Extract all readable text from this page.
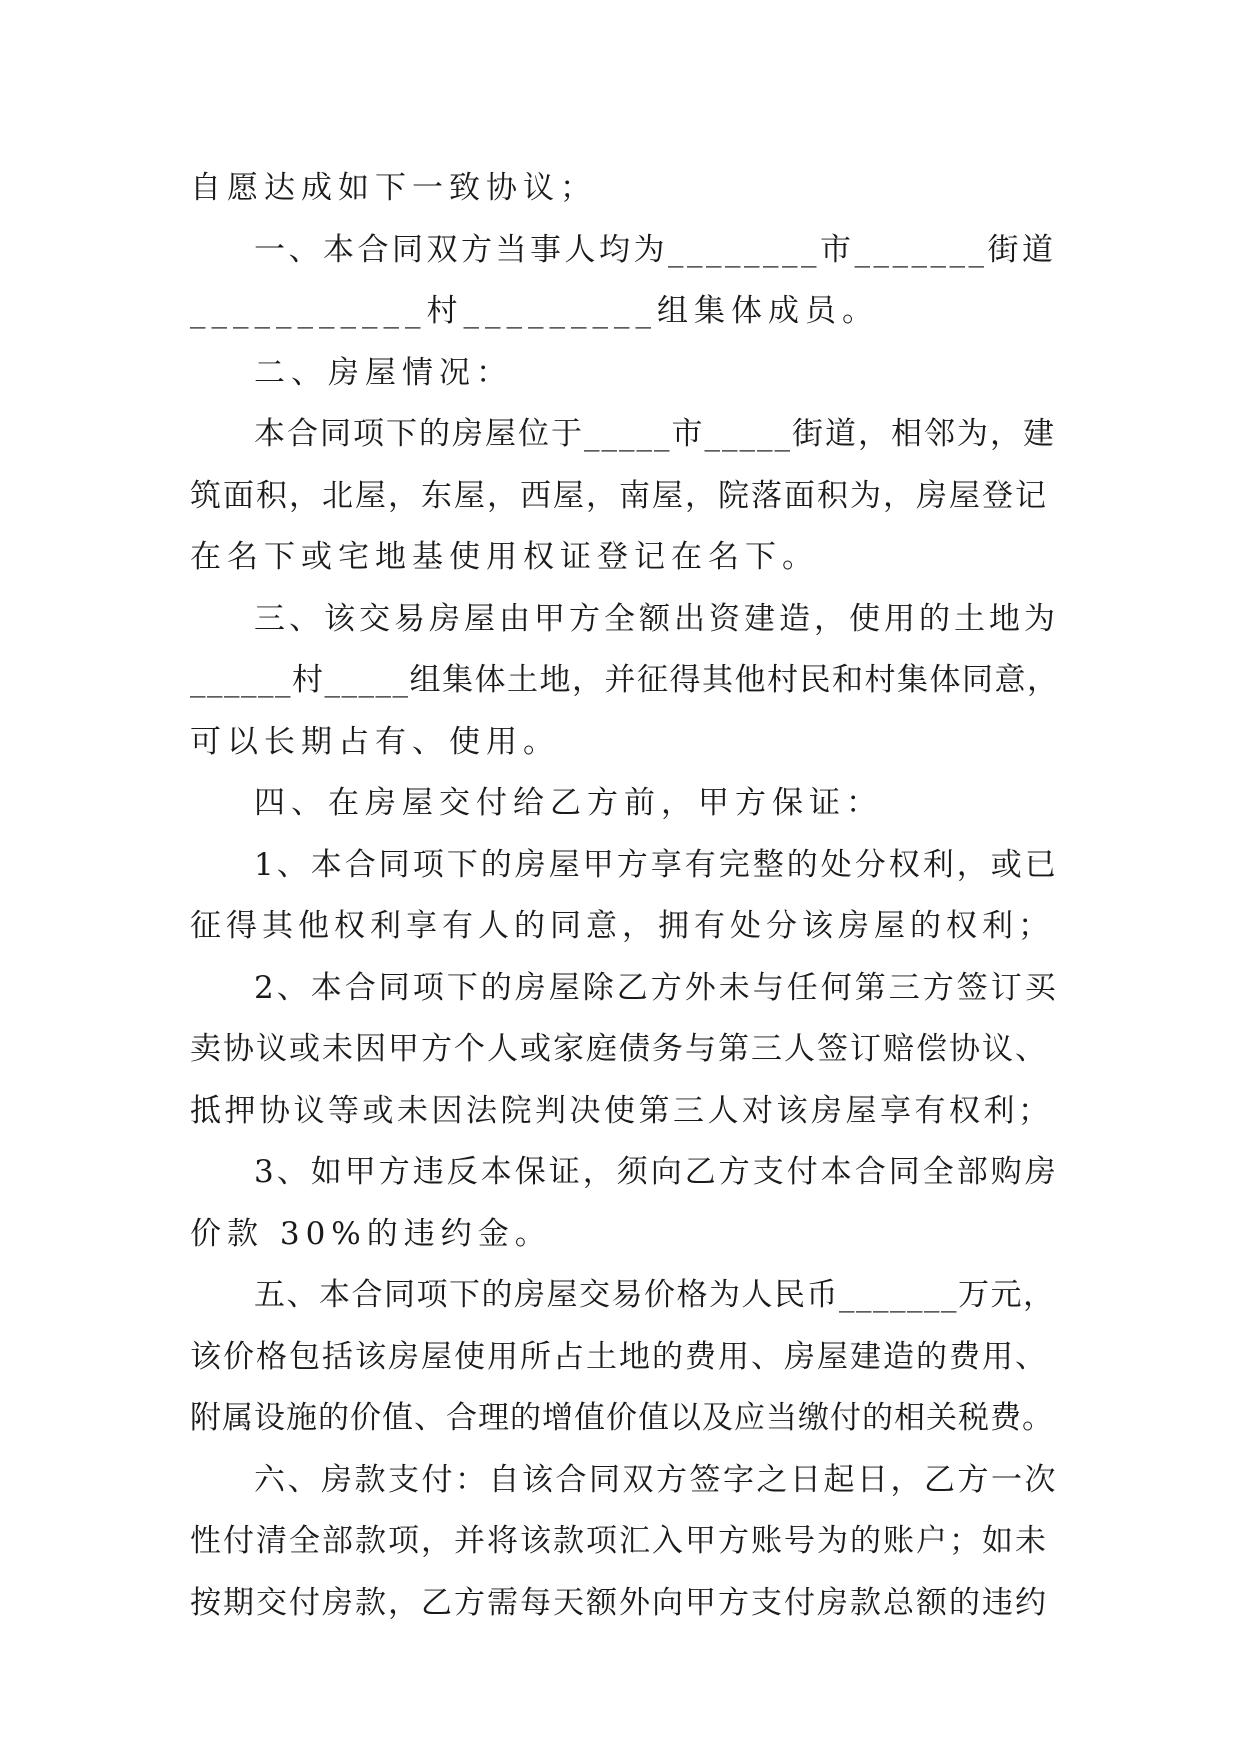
自愿达成如下一致协议；
一、本合同双方当事人均为________市_______街道
___________村_________组集体成员。
二、房屋情况：
本合同项下的房屋位于_____市_____街道，相邻为，建
筑面积，北屋，东屋，西屋，南屋，院落面积为，房屋登记
在名下或宅地基使用权证登记在名下。
三、该交易房屋由甲方全额出资建造，使用的土地为
______村_____组集体土地，并征得其他村民和村集体同意，
可以长期占有、使用。
四、在房屋交付给乙方前，甲方保证：
1、本合同项下的房屋甲方享有完整的处分权利，或已
征得其他权利享有人的同意，拥有处分该房屋的权利；
2、本合同项下的房屋除乙方外未与任何第三方签订买
卖协议或未因甲方个人或家庭债务与第三人签订赔偿协议、
抵押协议等或未因法院判决使第三人对该房屋享有权利；
3、如甲方违反本保证，须向乙方支付本合同全部购房
价款 30%的违约金。
五、本合同项下的房屋交易价格为人民币_______万元，
该价格包括该房屋使用所占土地的费用、房屋建造的费用、
附属设施的价值、合理的增值价值以及应当缴付的相关税费。
六、房款支付：自该合同双方签字之日起日，乙方一次
性付清全部款项，并将该款项汇入甲方账号为的账户；如未
按期交付房款，乙方需每天额外向甲方支付房款总额的违约
